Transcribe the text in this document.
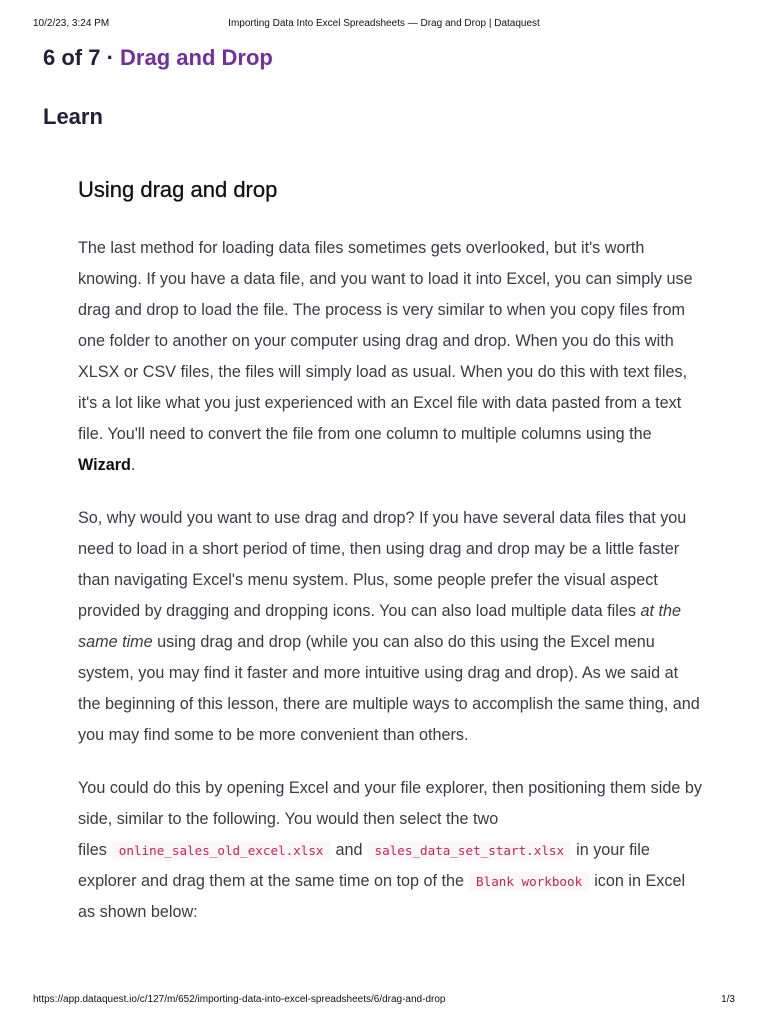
10/2/23, 3:24 PM	Importing Data Into Excel Spreadsheets — Drag and Drop | Dataquest
6 of 7 · Drag and Drop
Learn
Using drag and drop

The last method for loading data files sometimes gets overlooked, but it's worth knowing. If you have a data file, and you want to load it into Excel, you can simply use drag and drop to load the file. The process is very similar to when you copy files from one folder to another on your computer using drag and drop. When you do this with XLSX or CSV files, the files will simply load as usual. When you do this with text files, it's a lot like what you just experienced with an Excel file with data pasted from a text file. You'll need to convert the file from one column to multiple columns using the Wizard.

So, why would you want to use drag and drop? If you have several data files that you need to load in a short period of time, then using drag and drop may be a little faster than navigating Excel's menu system. Plus, some people prefer the visual aspect provided by dragging and dropping icons. You can also load multiple data files at the same time using drag and drop (while you can also do this using the Excel menu system, you may find it faster and more intuitive using drag and drop). As we said at the beginning of this lesson, there are multiple ways to accomplish the same thing, and you may find some to be more convenient than others.

You could do this by opening Excel and your file explorer, then positioning them side by side, similar to the following. You would then select the two files online_sales_old_excel.xlsx and sales_data_set_start.xlsx in your file explorer and drag them at the same time on top of the Blank workbook icon in Excel as shown below:

https://app.dataquest.io/c/127/m/652/importing-data-into-excel-spreadsheets/6/drag-and-drop	1/3
